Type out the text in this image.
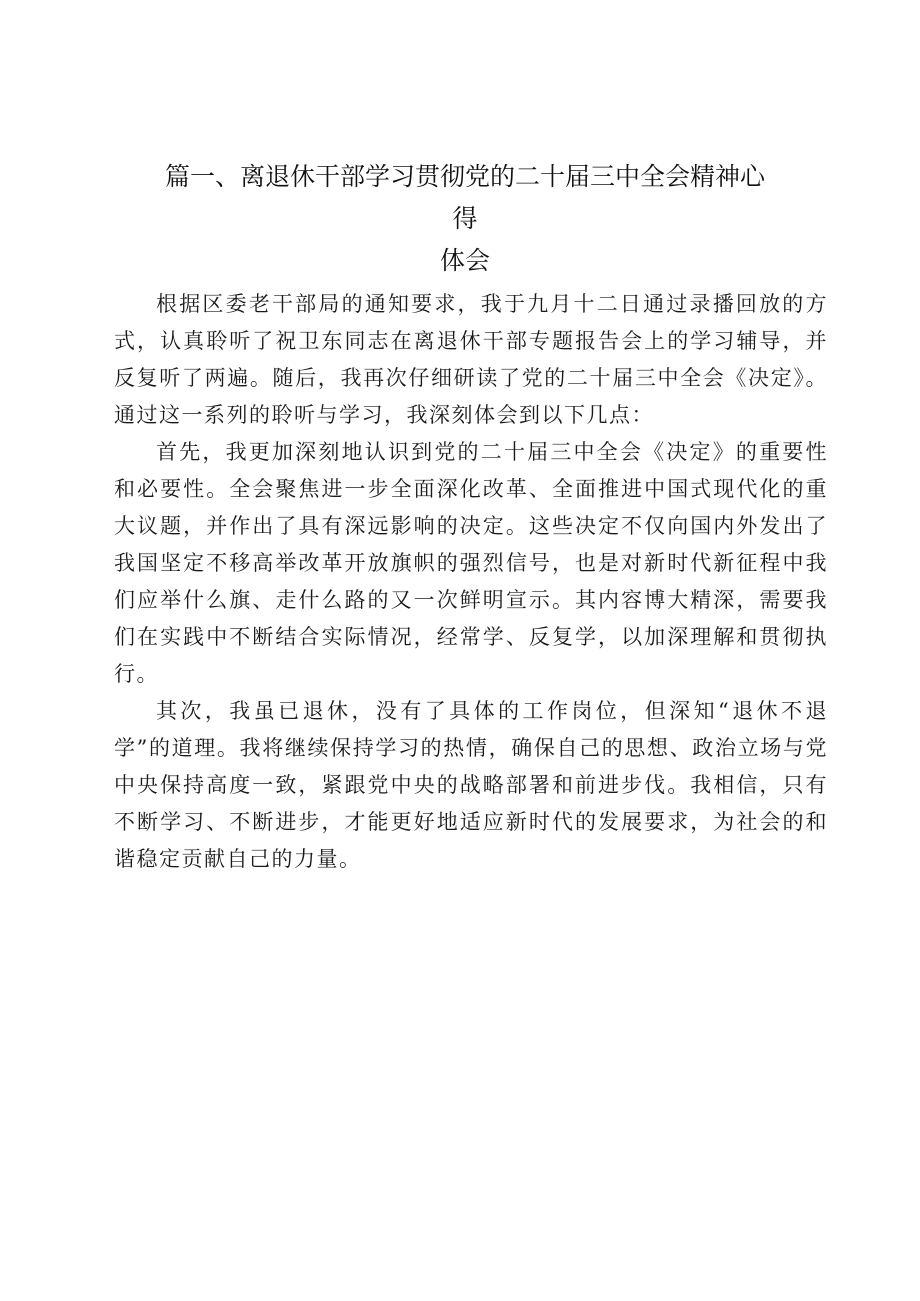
篇一、离退休干部学习贯彻党的二十届三中全会精神心得
体会

根据区委老干部局的通知要求，我于九月十二日通过录播回放的方式，认真聆听了祝卫东同志在离退休干部专题报告会上的学习辅导，并反复听了两遍。随后，我再次仔细研读了党的二十届三中全会《决定》。通过这一系列的聆听与学习，我深刻体会到以下几点：

首先，我更加深刻地认识到党的二十届三中全会《决定》的重要性和必要性。全会聚焦进一步全面深化改革、全面推进中国式现代化的重大议题，并作出了具有深远影响的决定。这些决定不仅向国内外发出了我国坚定不移高举改革开放旗帜的强烈信号，也是对新时代新征程中我们应举什么旗、走什么路的又一次鲜明宣示。其内容博大精深，需要我们在实践中不断结合实际情况，经常学、反复学，以加深理解和贯彻执行。

其次，我虽已退休，没有了具体的工作岗位，但深知“退休不退学”的道理。我将继续保持学习的热情，确保自己的思想、政治立场与党中央保持高度一致，紧跟党中央的战略部署和前进步伐。我相信，只有不断学习、不断进步，才能更好地适应新时代的发展要求，为社会的和谐稳定贡献自己的力量。
